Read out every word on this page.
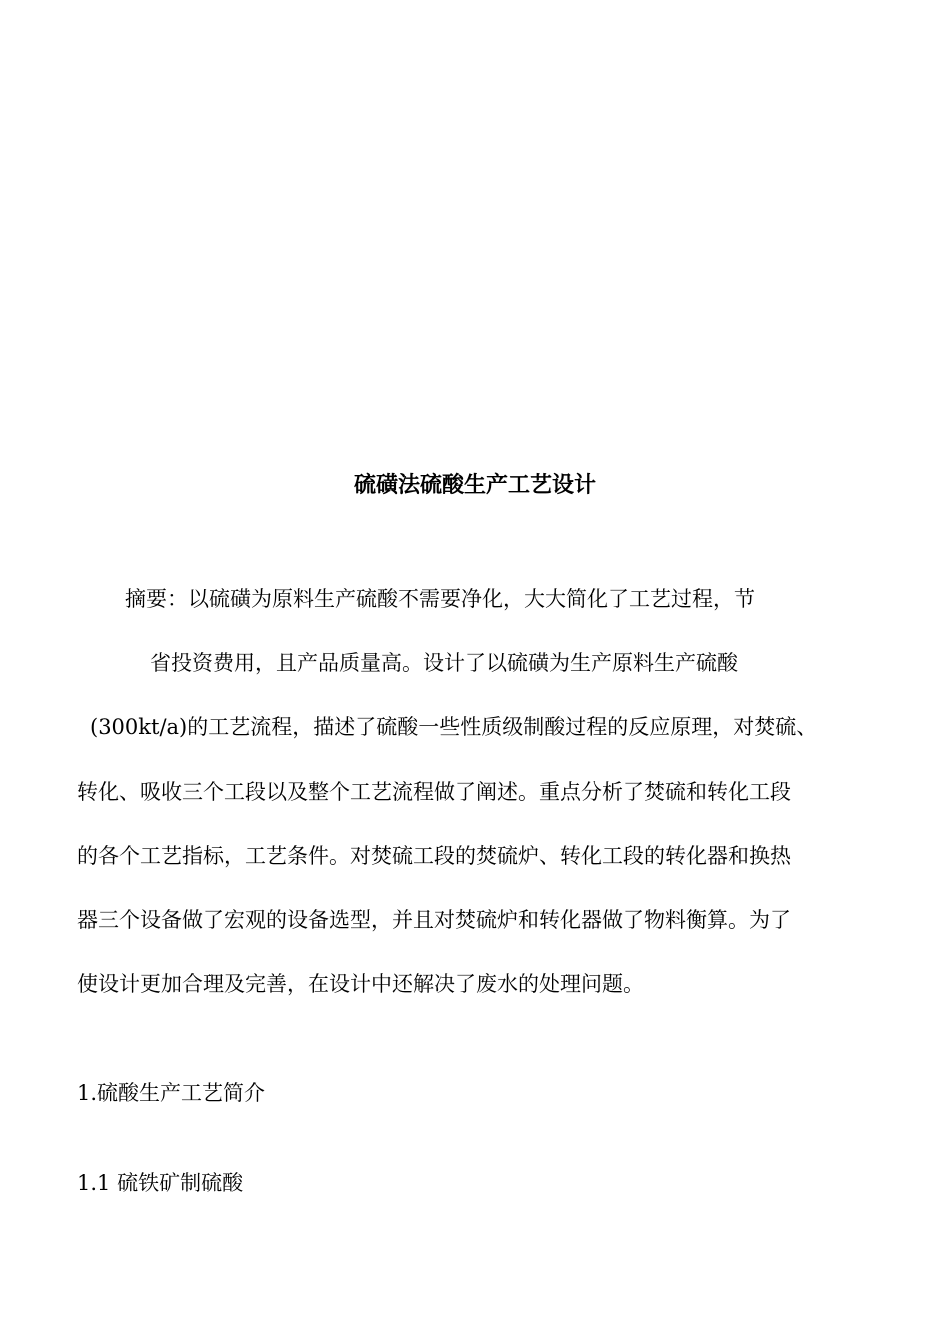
硫磺法硫酸生产工艺设计

摘要：以硫磺为原料生产硫酸不需要净化，大大简化了工艺过程，节

省投资费用，且产品质量高。设计了以硫磺为生产原料生产硫酸

(300kt/a)的工艺流程，描述了硫酸一些性质级制酸过程的反应原理，对焚硫、

转化、吸收三个工段以及整个工艺流程做了阐述。重点分析了焚硫和转化工段

的各个工艺指标，工艺条件。对焚硫工段的焚硫炉、转化工段的转化器和换热

器三个设备做了宏观的设备选型，并且对焚硫炉和转化器做了物料衡算。为了

使设计更加合理及完善，在设计中还解决了废水的处理问题。

1.硫酸生产工艺简介
1.1 硫铁矿制硫酸
